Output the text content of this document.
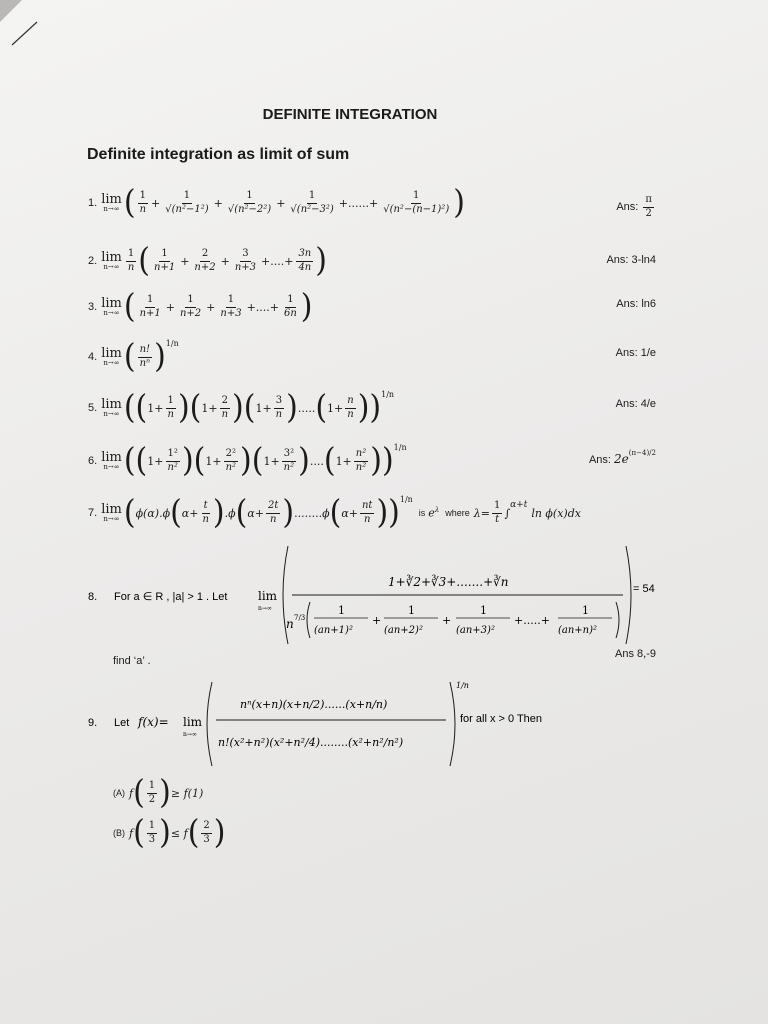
DEFINITE INTEGRATION
Definite integration as limit of sum
1. lim
n→∞ ( $\frac{1}{n} + \frac{1}{\text{√(n²−1²)}} + \frac{1}{\text{√(n²−2²)}} + \frac{1}{\text{√(n²−3²)}}$ +......+ $\frac{1}{\text{√(n²−(n−1)²)}}$ )	Ans: $\frac{\pi}{2}$
2. lim
$n\to\infty \frac{1}{n}$ ( $\frac{1}{n+1} + \frac{2}{n+2} + \frac{3}{n+3}$ +....+ $\frac{3n}{4n}$ )	Ans: 3-ln4
3. lim
n→∞ ( $\frac{1}{n+1} + \frac{1}{n+2} + \frac{1}{n+3}$ +....+ $\frac{1}{6n}$ )	Ans: ln6
4. lim
n→∞ ( $\frac{n!}{\text{nⁿ}}$ ) 1/n
Ans: 1/e
5. lim
n→∞ (( $1+ \frac{1}{n}$ )( $1+ \frac{2}{n}$ )( $1+ \frac{3}{n}$ ) ..... ( $1+ \frac{n}{n}$ )) 1/n
Ans: 4/e
6. lim
n→∞ (( $1+ \frac{\text{1²}}{\text{n²}}$ )( $1+ \frac{\text{2²}}{\text{n²}}$ )( $1+ \frac{\text{3²}}{\text{n²}}$ ) .... ( $1+ \frac{\text{n²}}{\text{n²}}$ )) 1/n
Ans: $2e^{(\pi-4)/2}$
7. lim
n→∞ ( ϕ(α).ϕ ( $\alpha+ \frac{t}{n}$ ) .ϕ ( $\alpha+ \frac{2t}{n}$ ) ........ ϕ ( $\alpha+ \frac{nt}{n}$ )) 1/n
is $e^\lambda$ where $\lambda= \frac{1}{t}$ ∫
α+t
ln ϕ(x)dx
8. For a ∈ R , |a| > 1 . Let	lim
n→∞
1+∛2+∛3+.......+∛n
n 7/3
1
(an+1)²
+
1
(an+2)²
+
1
(an+3)²
+.....+
1
(an+n)²
= 54
find ‘a’ .
Ans 8,-9
9. Let f(x)= lim
n→∞
nⁿ(x+n)(x+n/2)......(x+n/n)
n!(x²+n²)(x²+n²/4)........(x²+n²/n²)
1/n
for all x > 0 Then
(A) f ( $\frac{1}{2}$ ) ≥ f(1)
(B) f ( $\frac{1}{3}$ ) ≤ f ( $\frac{2}{3}$ )
